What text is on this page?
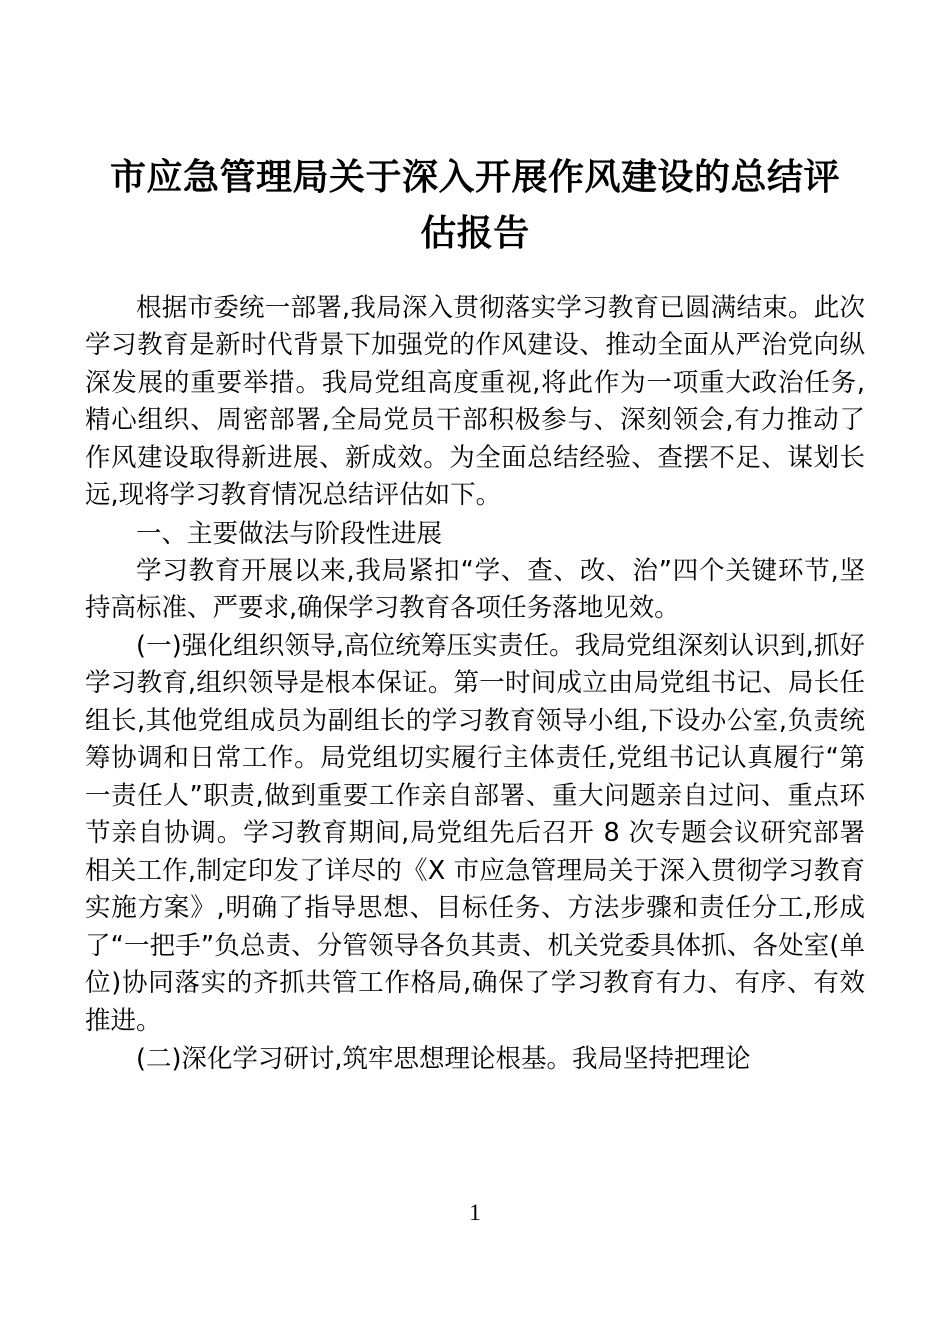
市应急管理局关于深入开展作风建设的总结评估报告

根据市委统一部署,我局深入贯彻落实学习教育已圆满结束。此次学习教育是新时代背景下加强党的作风建设、推动全面从严治党向纵深发展的重要举措。我局党组高度重视,将此作为一项重大政治任务,精心组织、周密部署,全局党员干部积极参与、深刻领会,有力推动了作风建设取得新进展、新成效。为全面总结经验、查摆不足、谋划长远,现将学习教育情况总结评估如下。

一、主要做法与阶段性进展

学习教育开展以来,我局紧扣“学、查、改、治”四个关键环节,坚持高标准、严要求,确保学习教育各项任务落地见效。

(一)强化组织领导,高位统筹压实责任。我局党组深刻认识到,抓好学习教育,组织领导是根本保证。第一时间成立由局党组书记、局长任组长,其他党组成员为副组长的学习教育领导小组,下设办公室,负责统筹协调和日常工作。局党组切实履行主体责任,党组书记认真履行“第一责任人”职责,做到重要工作亲自部署、重大问题亲自过问、重点环节亲自协调。学习教育期间,局党组先后召开 8 次专题会议研究部署相关工作,制定印发了详尽的《X 市应急管理局关于深入贯彻学习教育实施方案》,明确了指导思想、目标任务、方法步骤和责任分工,形成了“一把手”负总责、分管领导各负其责、机关党委具体抓、各处室(单位)协同落实的齐抓共管工作格局,确保了学习教育有力、有序、有效推进。

(二)深化学习研讨,筑牢思想理论根基。我局坚持把理论

1
